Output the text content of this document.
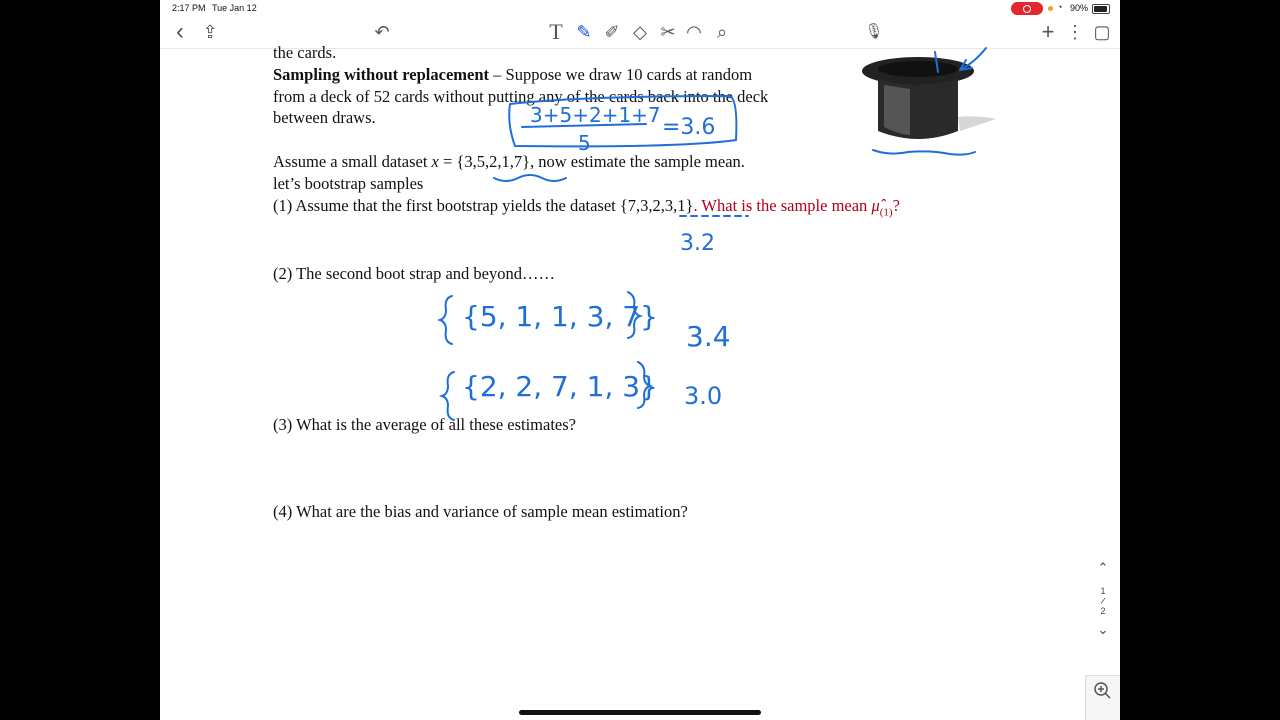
2:17 PM Tue Jan 12	◔ 90%
‹	⇪	↶	T ✎ ✐ ◇ ✂ ◠ ⌕	🎙	+ ⋮ ▢
the cards.
Sampling without replacement – Suppose we draw 10 cards at random
from a deck of 52 cards without putting any of the cards back into the deck
between draws.
Assume a small dataset x = {3,5,2,1,7}, now estimate the sample mean.
let’s bootstrap samples
(1) Assume that the first bootstrap yields the dataset {7,3,2,3,1}. What is the sample mean $\mû_{(1)}$?
(2) The second boot strap and beyond……
(3) What is the average of all these estimates?
(4) What are the bias and variance of sample mean estimation?
3+5+2+1+7
5
=3.6
3.2
{5, 1, 1, 3, 7}
3.4
{2, 2, 7, 1, 3} 3.0
⌃
1
/
2
⌄
